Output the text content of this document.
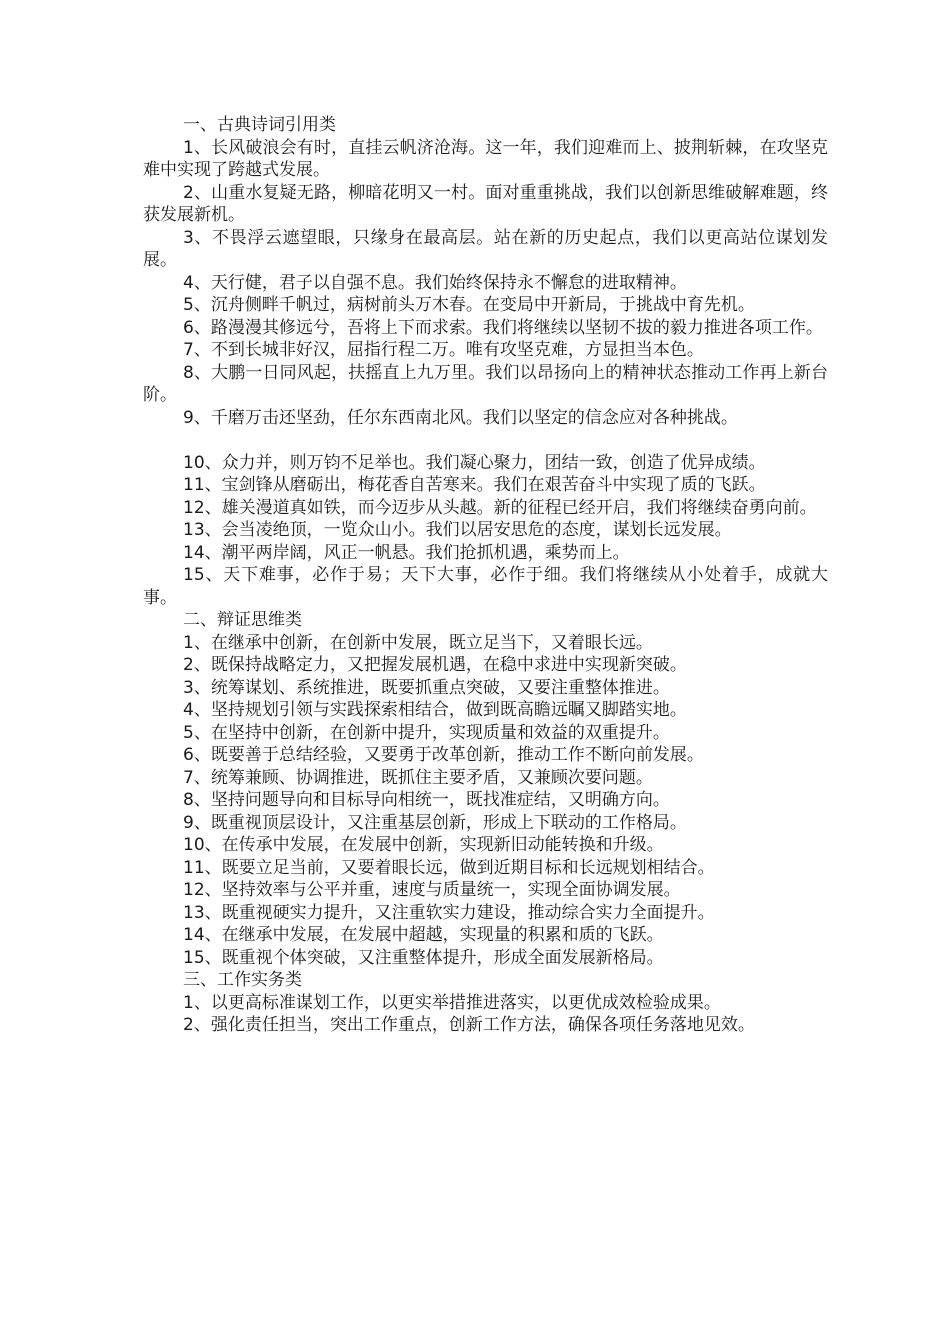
一、古典诗词引用类

1、长风破浪会有时，直挂云帆济沧海。这一年，我们迎难而上、披荆斩棘，在攻坚克难中实现了跨越式发展。

2、山重水复疑无路，柳暗花明又一村。面对重重挑战，我们以创新思维破解难题，终获发展新机。

3、不畏浮云遮望眼，只缘身在最高层。站在新的历史起点，我们以更高站位谋划发展。

4、天行健，君子以自强不息。我们始终保持永不懈怠的进取精神。

5、沉舟侧畔千帆过，病树前头万木春。在变局中开新局，于挑战中育先机。

6、路漫漫其修远兮，吾将上下而求索。我们将继续以坚韧不拔的毅力推进各项工作。

7、不到长城非好汉，屈指行程二万。唯有攻坚克难，方显担当本色。

8、大鹏一日同风起，扶摇直上九万里。我们以昂扬向上的精神状态推动工作再上新台阶。

9、千磨万击还坚劲，任尔东西南北风。我们以坚定的信念应对各种挑战。

10、众力并，则万钧不足举也。我们凝心聚力，团结一致，创造了优异成绩。

11、宝剑锋从磨砺出，梅花香自苦寒来。我们在艰苦奋斗中实现了质的飞跃。

12、雄关漫道真如铁，而今迈步从头越。新的征程已经开启，我们将继续奋勇向前。

13、会当凌绝顶，一览众山小。我们以居安思危的态度，谋划长远发展。

14、潮平两岸阔，风正一帆悬。我们抢抓机遇，乘势而上。

15、天下难事，必作于易；天下大事，必作于细。我们将继续从小处着手，成就大事。

二、辩证思维类

1、在继承中创新，在创新中发展，既立足当下，又着眼长远。

2、既保持战略定力，又把握发展机遇，在稳中求进中实现新突破。

3、统筹谋划、系统推进，既要抓重点突破，又要注重整体推进。

4、坚持规划引领与实践探索相结合，做到既高瞻远瞩又脚踏实地。

5、在坚持中创新，在创新中提升，实现质量和效益的双重提升。

6、既要善于总结经验，又要勇于改革创新，推动工作不断向前发展。

7、统筹兼顾、协调推进，既抓住主要矛盾，又兼顾次要问题。

8、坚持问题导向和目标导向相统一，既找准症结，又明确方向。

9、既重视顶层设计，又注重基层创新，形成上下联动的工作格局。

10、在传承中发展，在发展中创新，实现新旧动能转换和升级。

11、既要立足当前，又要着眼长远，做到近期目标和长远规划相结合。

12、坚持效率与公平并重，速度与质量统一，实现全面协调发展。

13、既重视硬实力提升，又注重软实力建设，推动综合实力全面提升。

14、在继承中发展，在发展中超越，实现量的积累和质的飞跃。

15、既重视个体突破，又注重整体提升，形成全面发展新格局。

三、工作实务类

1、以更高标准谋划工作，以更实举措推进落实，以更优成效检验成果。

2、强化责任担当，突出工作重点，创新工作方法，确保各项任务落地见效。
